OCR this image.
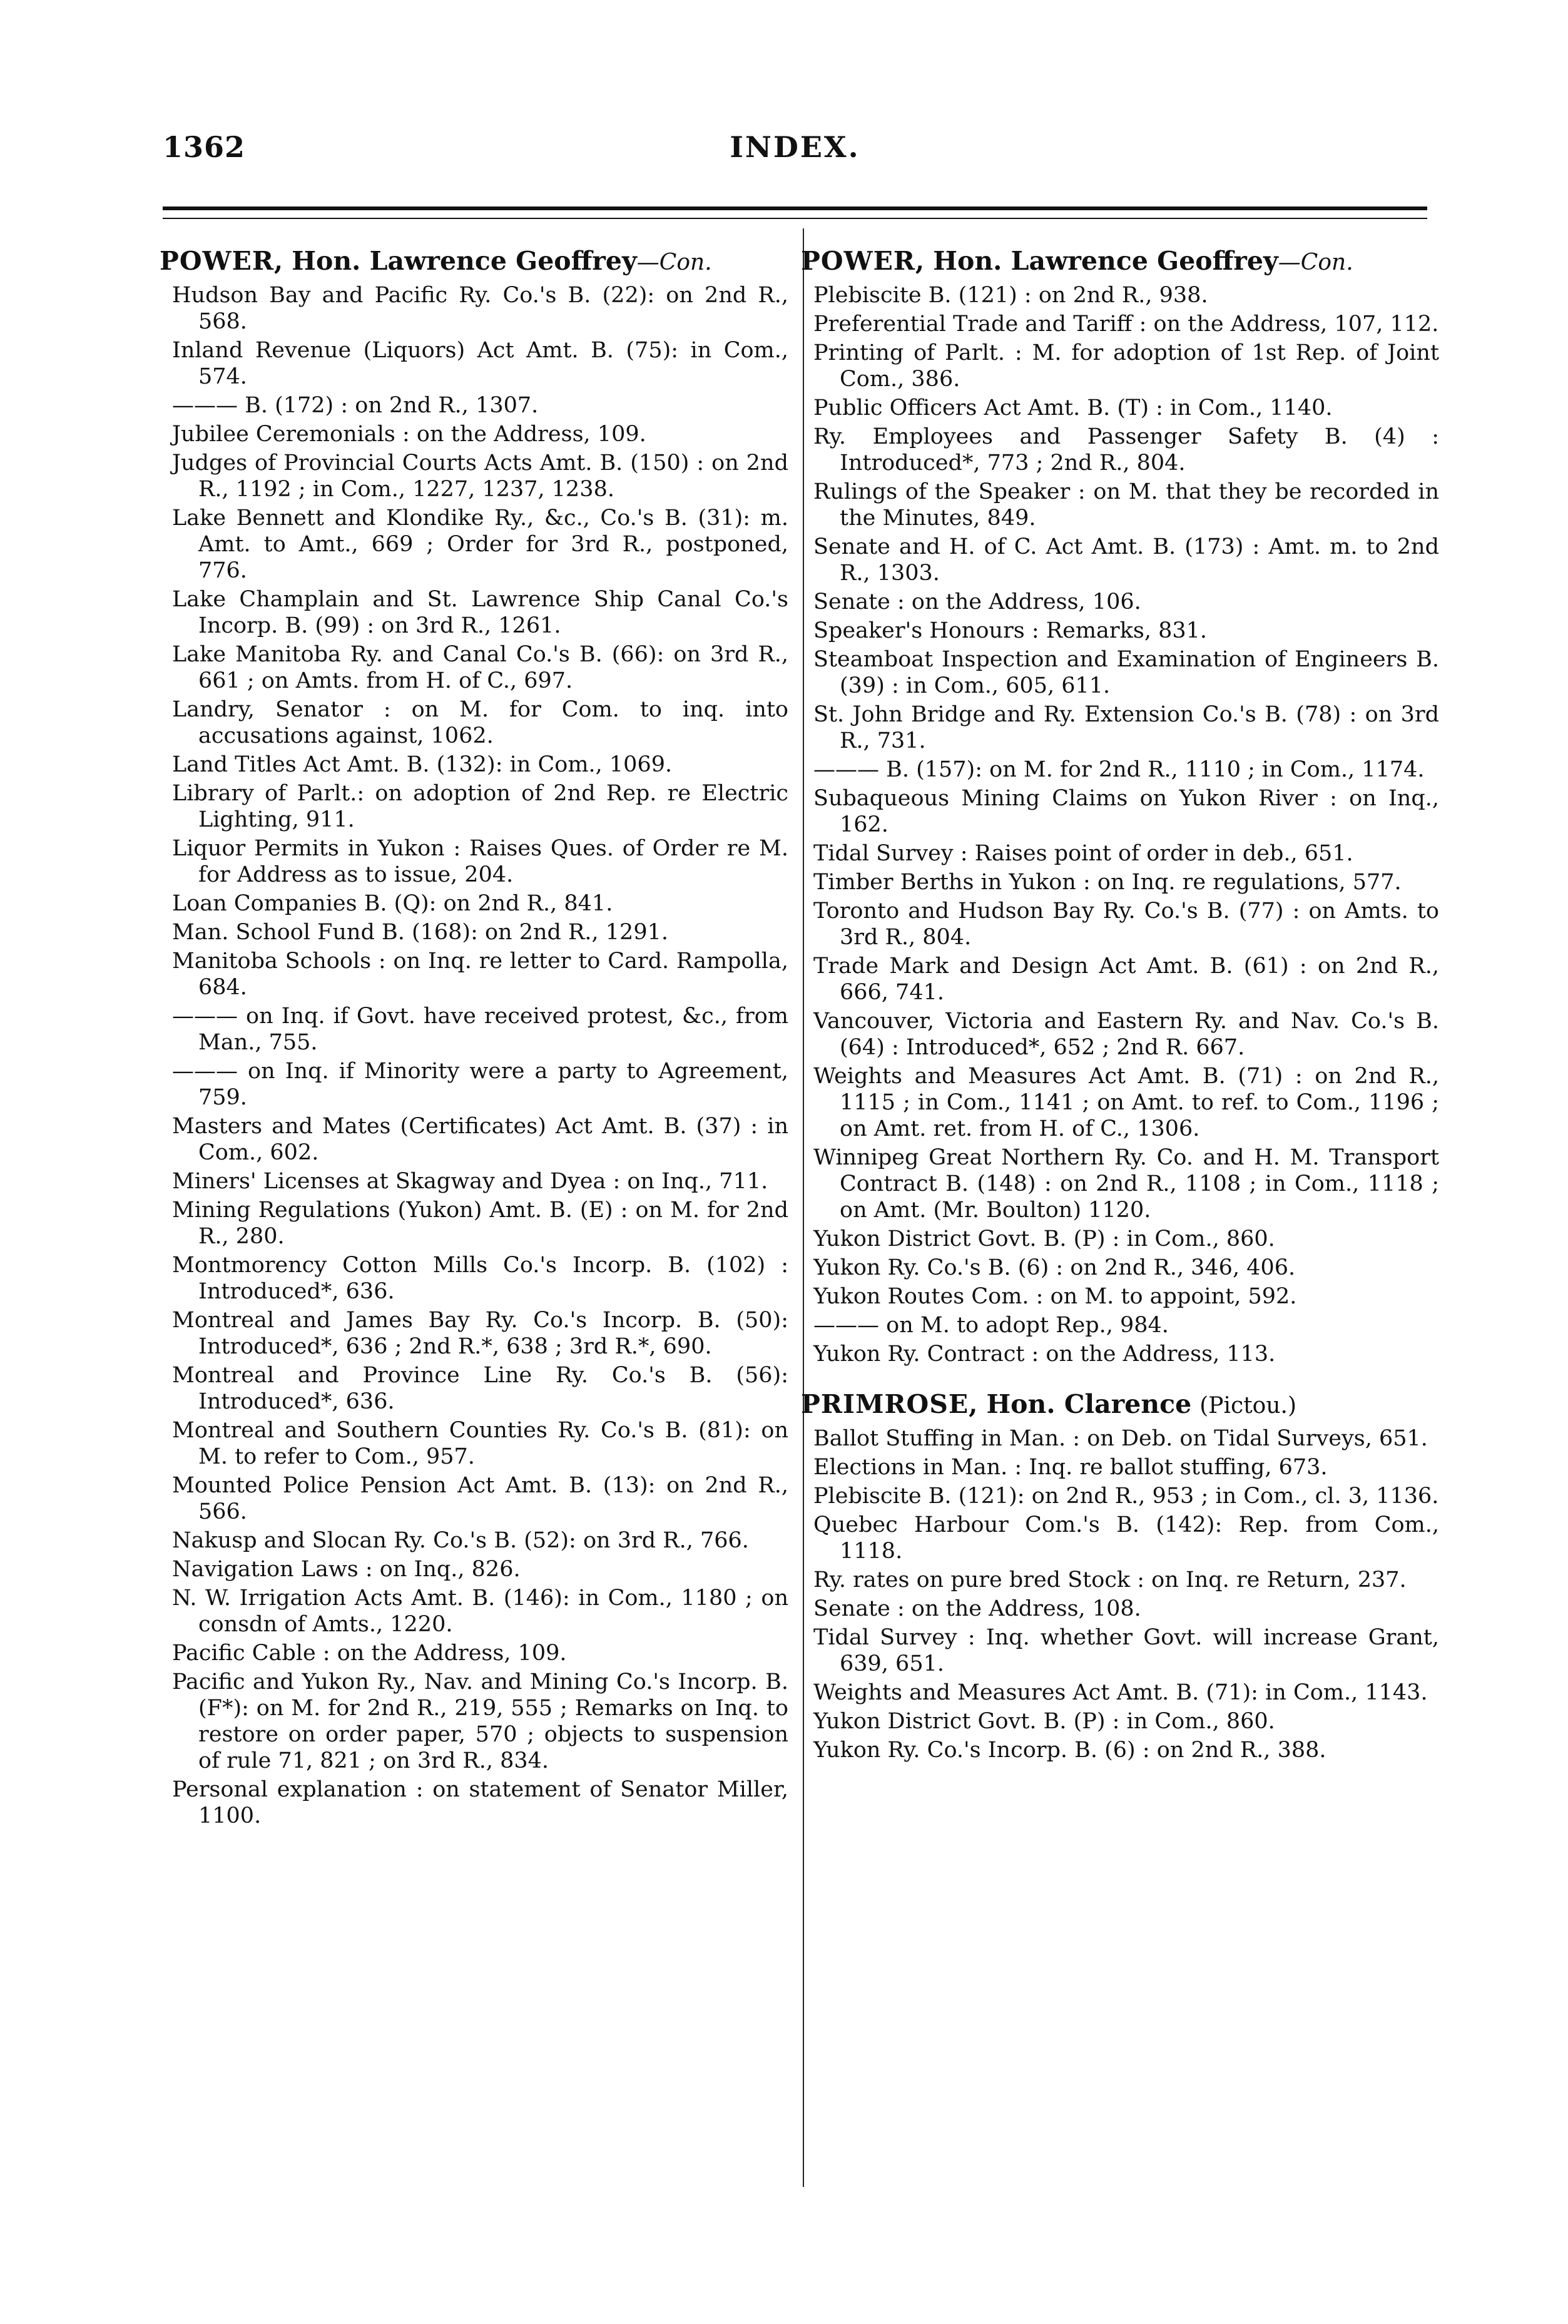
1362	INDEX.
POWER, Hon. Lawrence Geoffrey—Con.
Hudson Bay and Pacific Ry. Co.'s B. (22): on 2nd R., 568.
Inland Revenue (Liquors) Act Amt. B. (75): in Com., 574.
——— B. (172) : on 2nd R., 1307.
Jubilee Ceremonials : on the Address, 109.
Judges of Provincial Courts Acts Amt. B. (150) : on 2nd R., 1192 ; in Com., 1227, 1237, 1238.
Lake Bennett and Klondike Ry., &c., Co.'s B. (31): m. Amt. to Amt., 669 ; Order for 3rd R., postponed, 776.
Lake Champlain and St. Lawrence Ship Canal Co.'s Incorp. B. (99) : on 3rd R., 1261.
Lake Manitoba Ry. and Canal Co.'s B. (66): on 3rd R., 661 ; on Amts. from H. of C., 697.
Landry, Senator : on M. for Com. to inq. into accusations against, 1062.
Land Titles Act Amt. B. (132): in Com., 1069.
Library of Parlt.: on adoption of 2nd Rep. re Electric Lighting, 911.
Liquor Permits in Yukon : Raises Ques. of Order re M. for Address as to issue, 204.
Loan Companies B. (Q): on 2nd R., 841.
Man. School Fund B. (168): on 2nd R., 1291.
Manitoba Schools : on Inq. re letter to Card. Rampolla, 684.
——— on Inq. if Govt. have received protest, &c., from Man., 755.
——— on Inq. if Minority were a party to Agreement, 759.
Masters and Mates (Certificates) Act Amt. B. (37) : in Com., 602.
Miners' Licenses at Skagway and Dyea : on Inq., 711.
Mining Regulations (Yukon) Amt. B. (E) : on M. for 2nd R., 280.
Montmorency Cotton Mills Co.'s Incorp. B. (102) : Introduced*, 636.
Montreal and James Bay Ry. Co.'s Incorp. B. (50): Introduced*, 636 ; 2nd R.*, 638 ; 3rd R.*, 690.
Montreal and Province Line Ry. Co.'s B. (56): Introduced*, 636.
Montreal and Southern Counties Ry. Co.'s B. (81): on M. to refer to Com., 957.
Mounted Police Pension Act Amt. B. (13): on 2nd R., 566.
Nakusp and Slocan Ry. Co.'s B. (52): on 3rd R., 766.
Navigation Laws : on Inq., 826.
N. W. Irrigation Acts Amt. B. (146): in Com., 1180 ; on consdn of Amts., 1220.
Pacific Cable : on the Address, 109.
Pacific and Yukon Ry., Nav. and Mining Co.'s Incorp. B. (F*): on M. for 2nd R., 219, 555 ; Remarks on Inq. to restore on order paper, 570 ; objects to suspension of rule 71, 821 ; on 3rd R., 834.
Personal explanation : on statement of Senator Miller, 1100.
POWER, Hon. Lawrence Geoffrey—Con.
Plebiscite B. (121) : on 2nd R., 938.
Preferential Trade and Tariff : on the Address, 107, 112.
Printing of Parlt. : M. for adoption of 1st Rep. of Joint Com., 386.
Public Officers Act Amt. B. (T) : in Com., 1140.
Ry. Employees and Passenger Safety B. (4) : Introduced*, 773 ; 2nd R., 804.
Rulings of the Speaker : on M. that they be recorded in the Minutes, 849.
Senate and H. of C. Act Amt. B. (173) : Amt. m. to 2nd R., 1303.
Senate : on the Address, 106.
Speaker's Honours : Remarks, 831.
Steamboat Inspection and Examination of Engineers B. (39) : in Com., 605, 611.
St. John Bridge and Ry. Extension Co.'s B. (78) : on 3rd R., 731.
——— B. (157): on M. for 2nd R., 1110 ; in Com., 1174.
Subaqueous Mining Claims on Yukon River : on Inq., 162.
Tidal Survey : Raises point of order in deb., 651.
Timber Berths in Yukon : on Inq. re regulations, 577.
Toronto and Hudson Bay Ry. Co.'s B. (77) : on Amts. to 3rd R., 804.
Trade Mark and Design Act Amt. B. (61) : on 2nd R., 666, 741.
Vancouver, Victoria and Eastern Ry. and Nav. Co.'s B. (64) : Introduced*, 652 ; 2nd R. 667.
Weights and Measures Act Amt. B. (71) : on 2nd R., 1115 ; in Com., 1141 ; on Amt. to ref. to Com., 1196 ; on Amt. ret. from H. of C., 1306.
Winnipeg Great Northern Ry. Co. and H. M. Transport Contract B. (148) : on 2nd R., 1108 ; in Com., 1118 ; on Amt. (Mr. Boulton) 1120.
Yukon District Govt. B. (P) : in Com., 860.
Yukon Ry. Co.'s B. (6) : on 2nd R., 346, 406.
Yukon Routes Com. : on M. to appoint, 592.
——— on M. to adopt Rep., 984.
Yukon Ry. Contract : on the Address, 113.
PRIMROSE, Hon. Clarence (Pictou.)
Ballot Stuffing in Man. : on Deb. on Tidal Surveys, 651.
Elections in Man. : Inq. re ballot stuffing, 673.
Plebiscite B. (121): on 2nd R., 953 ; in Com., cl. 3, 1136.
Quebec Harbour Com.'s B. (142): Rep. from Com., 1118.
Ry. rates on pure bred Stock : on Inq. re Return, 237.
Senate : on the Address, 108.
Tidal Survey : Inq. whether Govt. will increase Grant, 639, 651.
Weights and Measures Act Amt. B. (71): in Com., 1143.
Yukon District Govt. B. (P) : in Com., 860.
Yukon Ry. Co.'s Incorp. B. (6) : on 2nd R., 388.
